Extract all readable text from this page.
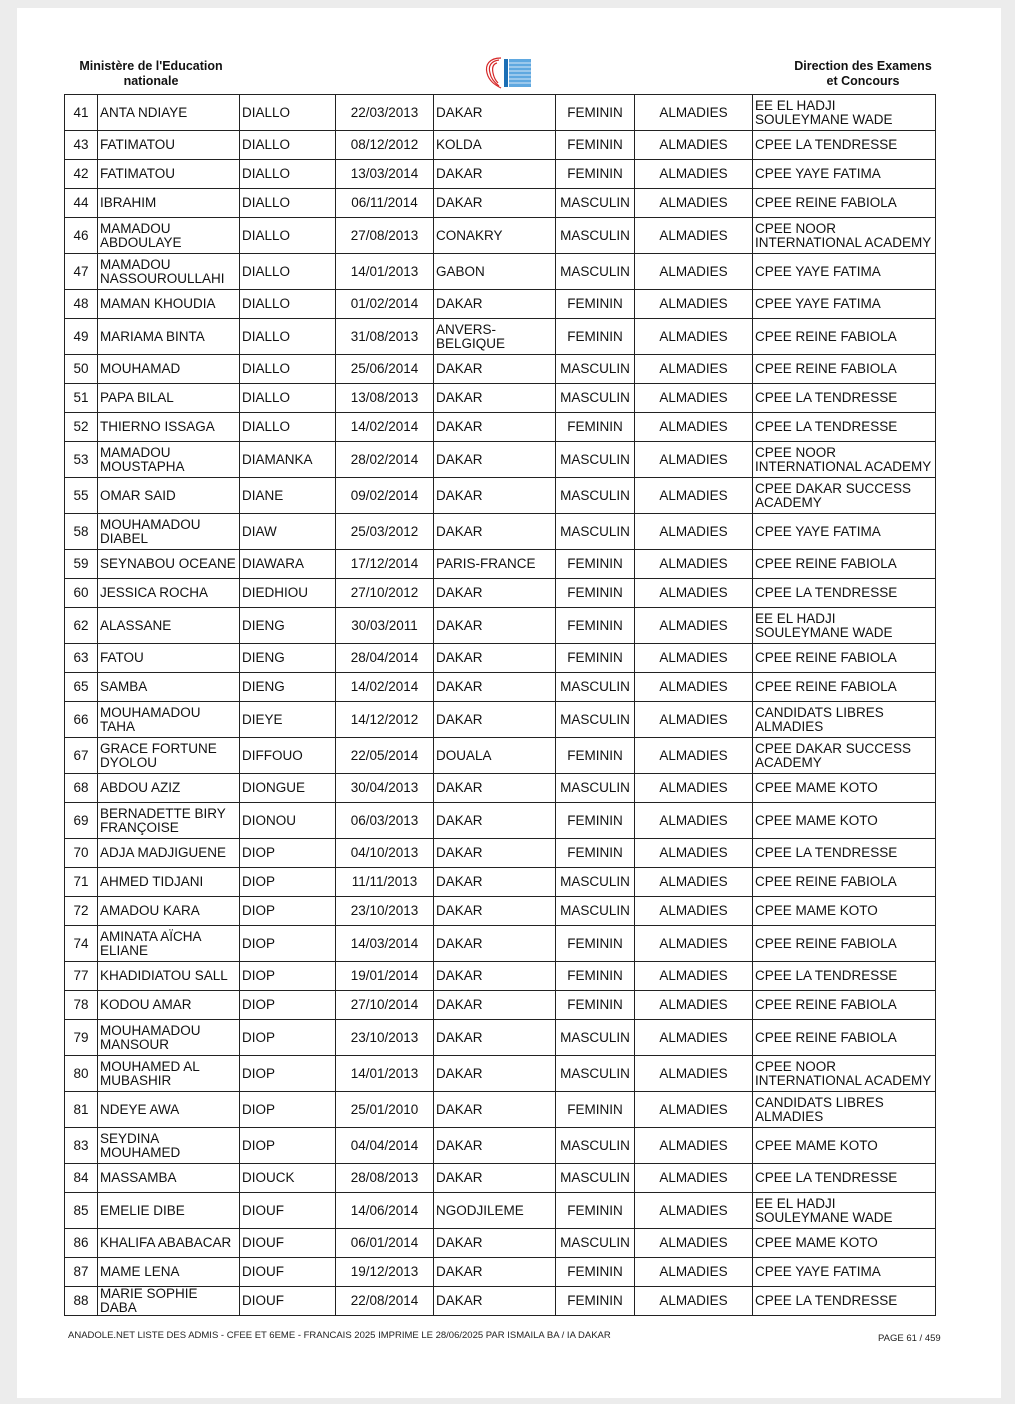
Ministère de l'Education
nationale
Direction des Examens
et Concours
41	ANTA NDIAYE	DIALLO	22/03/2013	DAKAR	FEMININ	ALMADIES	EE EL HADJI SOULEYMANE WADE
43	FATIMATOU	DIALLO	08/12/2012	KOLDA	FEMININ	ALMADIES	CPEE LA TENDRESSE
42	FATIMATOU	DIALLO	13/03/2014	DAKAR	FEMININ	ALMADIES	CPEE YAYE FATIMA
44	IBRAHIM	DIALLO	06/11/2014	DAKAR	MASCULIN	ALMADIES	CPEE REINE FABIOLA
46	MAMADOU ABDOULAYE	DIALLO	27/08/2013	CONAKRY	MASCULIN	ALMADIES	CPEE NOOR INTERNATIONAL ACADEMY
47	MAMADOU NASSOUROULLAHI	DIALLO	14/01/2013	GABON	MASCULIN	ALMADIES	CPEE YAYE FATIMA
48	MAMAN KHOUDIA	DIALLO	01/02/2014	DAKAR	FEMININ	ALMADIES	CPEE YAYE FATIMA
49	MARIAMA BINTA	DIALLO	31/08/2013	ANVERS-BELGIQUE	FEMININ	ALMADIES	CPEE REINE FABIOLA
50	MOUHAMAD	DIALLO	25/06/2014	DAKAR	MASCULIN	ALMADIES	CPEE REINE FABIOLA
51	PAPA BILAL	DIALLO	13/08/2013	DAKAR	MASCULIN	ALMADIES	CPEE LA TENDRESSE
52	THIERNO ISSAGA	DIALLO	14/02/2014	DAKAR	FEMININ	ALMADIES	CPEE LA TENDRESSE
53	MAMADOU MOUSTAPHA	DIAMANKA	28/02/2014	DAKAR	MASCULIN	ALMADIES	CPEE NOOR INTERNATIONAL ACADEMY
55	OMAR SAID	DIANE	09/02/2014	DAKAR	MASCULIN	ALMADIES	CPEE DAKAR SUCCESS ACADEMY
58	MOUHAMADOU DIABEL	DIAW	25/03/2012	DAKAR	MASCULIN	ALMADIES	CPEE YAYE FATIMA
59	SEYNABOU OCEANE	DIAWARA	17/12/2014	PARIS-FRANCE	FEMININ	ALMADIES	CPEE REINE FABIOLA
60	JESSICA ROCHA	DIEDHIOU	27/10/2012	DAKAR	FEMININ	ALMADIES	CPEE LA TENDRESSE
62	ALASSANE	DIENG	30/03/2011	DAKAR	FEMININ	ALMADIES	EE EL HADJI SOULEYMANE WADE
63	FATOU	DIENG	28/04/2014	DAKAR	FEMININ	ALMADIES	CPEE REINE FABIOLA
65	SAMBA	DIENG	14/02/2014	DAKAR	MASCULIN	ALMADIES	CPEE REINE FABIOLA
66	MOUHAMADOU TAHA	DIEYE	14/12/2012	DAKAR	MASCULIN	ALMADIES	CANDIDATS LIBRES ALMADIES
67	GRACE FORTUNE DYOLOU	DIFFOUO	22/05/2014	DOUALA	FEMININ	ALMADIES	CPEE DAKAR SUCCESS ACADEMY
68	ABDOU AZIZ	DIONGUE	30/04/2013	DAKAR	MASCULIN	ALMADIES	CPEE MAME KOTO
69	BERNADETTE BIRY FRANÇOISE	DIONOU	06/03/2013	DAKAR	FEMININ	ALMADIES	CPEE MAME KOTO
70	ADJA MADJIGUENE	DIOP	04/10/2013	DAKAR	FEMININ	ALMADIES	CPEE LA TENDRESSE
71	AHMED TIDJANI	DIOP	11/11/2013	DAKAR	MASCULIN	ALMADIES	CPEE REINE FABIOLA
72	AMADOU KARA	DIOP	23/10/2013	DAKAR	MASCULIN	ALMADIES	CPEE MAME KOTO
74	AMINATA AÏCHA ELIANE	DIOP	14/03/2014	DAKAR	FEMININ	ALMADIES	CPEE REINE FABIOLA
77	KHADIDIATOU SALL	DIOP	19/01/2014	DAKAR	FEMININ	ALMADIES	CPEE LA TENDRESSE
78	KODOU AMAR	DIOP	27/10/2014	DAKAR	FEMININ	ALMADIES	CPEE REINE FABIOLA
79	MOUHAMADOU MANSOUR	DIOP	23/10/2013	DAKAR	MASCULIN	ALMADIES	CPEE REINE FABIOLA
80	MOUHAMED AL MUBASHIR	DIOP	14/01/2013	DAKAR	MASCULIN	ALMADIES	CPEE NOOR INTERNATIONAL ACADEMY
81	NDEYE AWA	DIOP	25/01/2010	DAKAR	FEMININ	ALMADIES	CANDIDATS LIBRES ALMADIES
83	SEYDINA MOUHAMED	DIOP	04/04/2014	DAKAR	MASCULIN	ALMADIES	CPEE MAME KOTO
84	MASSAMBA	DIOUCK	28/08/2013	DAKAR	MASCULIN	ALMADIES	CPEE LA TENDRESSE
85	EMELIE DIBE	DIOUF	14/06/2014	NGODJILEME	FEMININ	ALMADIES	EE EL HADJI SOULEYMANE WADE
86	KHALIFA ABABACAR	DIOUF	06/01/2014	DAKAR	MASCULIN	ALMADIES	CPEE MAME KOTO
87	MAME LENA	DIOUF	19/12/2013	DAKAR	FEMININ	ALMADIES	CPEE YAYE FATIMA
88	MARIE SOPHIE DABA	DIOUF	22/08/2014	DAKAR	FEMININ	ALMADIES	CPEE LA TENDRESSE
ANADOLE.NET LISTE DES ADMIS - CFEE ET 6EME - FRANCAIS 2025 IMPRIME LE 28/06/2025 PAR ISMAILA BA / IA DAKAR	PAGE 61 / 459
